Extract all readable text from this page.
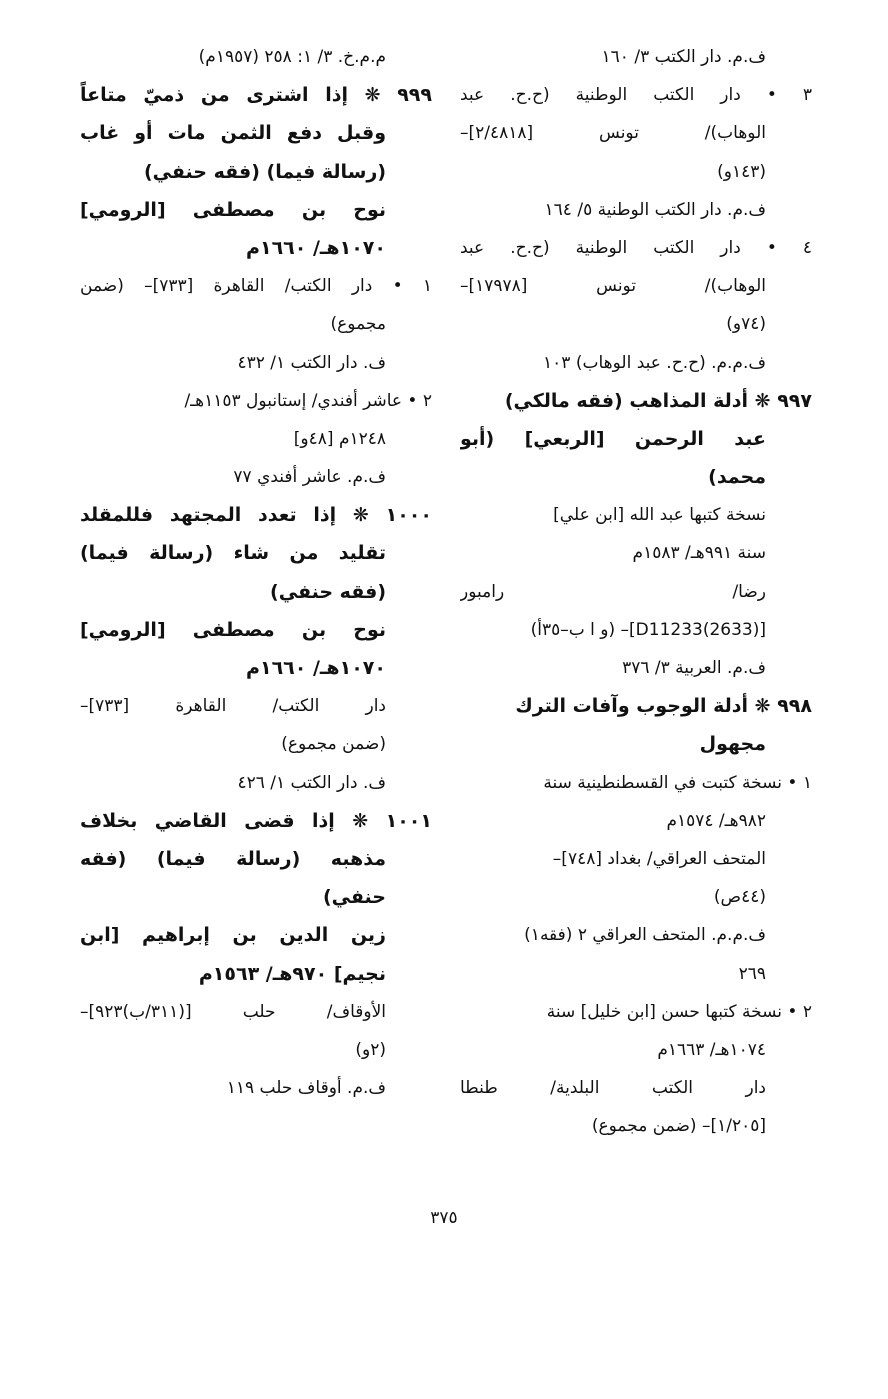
ف.م. دار الكتب ٣/ ١٦٠
٣ • دار الكتب الوطنية (ح.ح. عبد
الوهاب)/ تونس [٢/٤٨١٨]–
(١٤٣و)
ف.م. دار الكتب الوطنية ٥/ ١٦٤
٤ • دار الكتب الوطنية (ح.ح. عبد
الوهاب)/ تونس [١٧٩٧٨]–
(٧٤و)
ف.م.م. (ح.ح. عبد الوهاب) ١٠٣
٩٩٧ ❋ أدلة المذاهب (فقه مالكي)
عبد الرحمن [الربعي] (أبو
محمد)
نسخة كتبها عبد الله [ابن علي]
سنة ٩٩١هـ/ ١٥٨٣م
رضا/ رامبور
[D11233(2633)]– (و ا ب–٣٥أ)
ف.م. العربية ٣/ ٣٧٦
٩٩٨ ❋ أدلة الوجوب وآفات الترك
مجهول
١ • نسخة كتبت في القسطنطينية سنة
٩٨٢هـ/ ١٥٧٤م
المتحف العراقي/ بغداد [٧٤٨]–
(٤٤ص)
ف.م.م. المتحف العراقي ٢ (فقه١)
٢٦٩
٢ • نسخة كتبها حسن [ابن خليل] سنة
١٠٧٤هـ/ ١٦٦٣م
دار الكتب البلدية/ طنطا
[١/٢٠٥]– (ضمن مجموع)
م.م.خ. ٣/ ١: ٢٥٨ (١٩٥٧م)
٩٩٩ ❋ إذا اشترى من ذميّ متاعاً
وقبل دفع الثمن مات أو غاب
(رسالة فيما) (فقه حنفي)
نوح بن مصطفى [الرومي]
١٠٧٠هـ/ ١٦٦٠م
١ • دار الكتب/ القاهرة [٧٣٣]– (ضمن
مجموع)
ف. دار الكتب ١/ ٤٣٢
٢ • عاشر أفندي/ إستانبول ١١٥٣هـ/
١٢٤٨م [٤٨و]
ف.م. عاشر أفندي ٧٧
١٠٠٠ ❋ إذا تعدد المجتهد فللمقلد
تقليد من شاء (رسالة فيما)
(فقه حنفي)
نوح بن مصطفى [الرومي]
١٠٧٠هـ/ ١٦٦٠م
دار الكتب/ القاهرة [٧٣٣]–
(ضمن مجموع)
ف. دار الكتب ١/ ٤٢٦
١٠٠١ ❋ إذا قضى القاضي بخلاف
مذهبه (رسالة فيما) (فقه
حنفي)
زين الدين بن إبراهيم [ابن
نجيم] ٩٧٠هـ/ ١٥٦٣م
الأوقاف/ حلب [(٣١١/ب)٩٢٣]–
(٢و)
ف.م. أوقاف حلب ١١٩
٣٧٥
